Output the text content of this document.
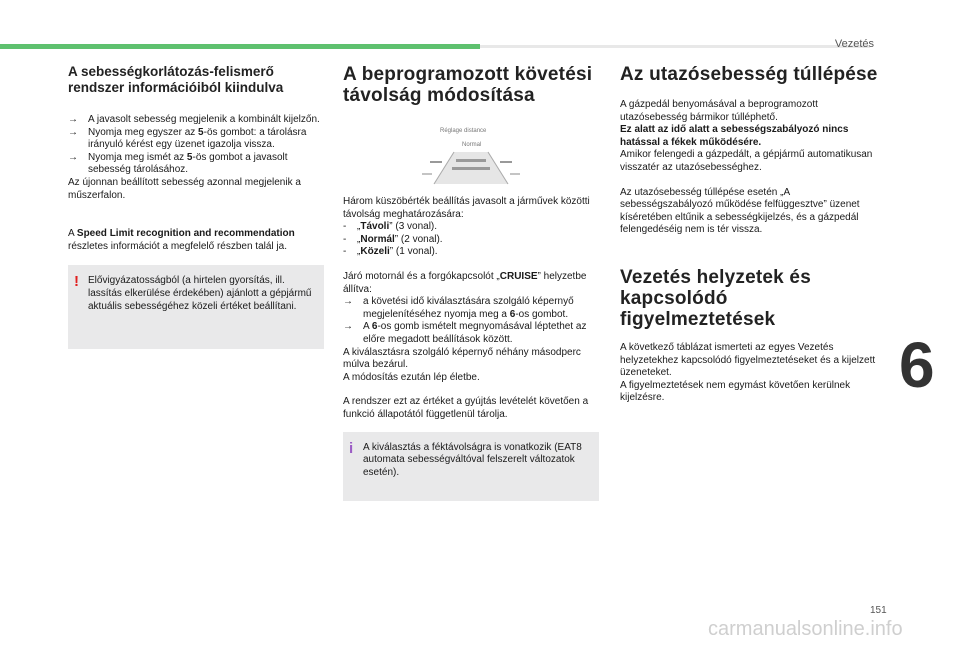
Vezetés
A sebességkorlátozás-felismerő rendszer információiból kiindulva
→	A javasolt sebesség megjelenik a kombinált kijelzőn.
→	Nyomja meg egyszer az 5-ös gombot: a tárolásra irányuló kérést egy üzenet igazolja vissza.
→	Nyomja meg ismét az 5-ös gombot a javasolt sebesség tárolásához.

Az újonnan beállított sebesség azonnal megjelenik a műszerfalon.

A Speed Limit recognition and recommendation részletes információt a megfelelő részben talál ja.

! Elővigyázatosságból (a hirtelen gyorsítás, ill. lassítás elkerülése érdekében) ajánlott a gépjármű aktuális sebességéhez közeli értéket beállítani.

A beprogramozott követési távolság módosítása
Réglage distance
Normal

Három küszöbérték beállítás javasolt a járművek közötti távolság meghatározására:

- „Távoli” (3 vonal).
- „Normál” (2 vonal).
- „Közeli” (1 vonal).

Járó motornál és a forgókapcsolót „CRUISE” helyzetbe állítva:

→	a követési idő kiválasztására szolgáló képernyő megjelenítéséhez nyomja meg a 6-os gombot.
→	A 6-os gomb ismételt megnyomásával léptethet az előre megadott beállítások között.

A kiválasztásra szolgáló képernyő néhány másodperc múlva bezárul.

A módosítás ezután lép életbe.

A rendszer ezt az értéket a gyújtás levételét követően a funkció állapotától függetlenül tárolja.

i A kiválasztás a féktávolságra is vonatkozik (EAT8 automata sebességváltóval felszerelt változatok esetén).

Az utazósebesség túllépése

A gázpedál benyomásával a beprogramozott utazósebesség bármikor túlléphető.

Ez alatt az idő alatt a sebességszabályozó nincs hatással a fékek működésére.

Amikor felengedi a gázpedált, a gépjármű automatikusan visszatér az utazósebességhez.

Az utazósebesség túllépése esetén „A sebességszabályozó működése felfüggesztve” üzenet kíséretében eltűnik a sebességkijelzés, és a gázpedál felengedéséig nem is tér vissza.

Vezetés helyzetek és kapcsolódó figyelmeztetések

A következő táblázat ismerteti az egyes Vezetés helyzetekhez kapcsolódó figyelmeztetéseket és a kijelzett üzeneteket.

A figyelmeztetések nem egymást követően kerülnek kijelzésre.	6
151
carmanualsonline.info
